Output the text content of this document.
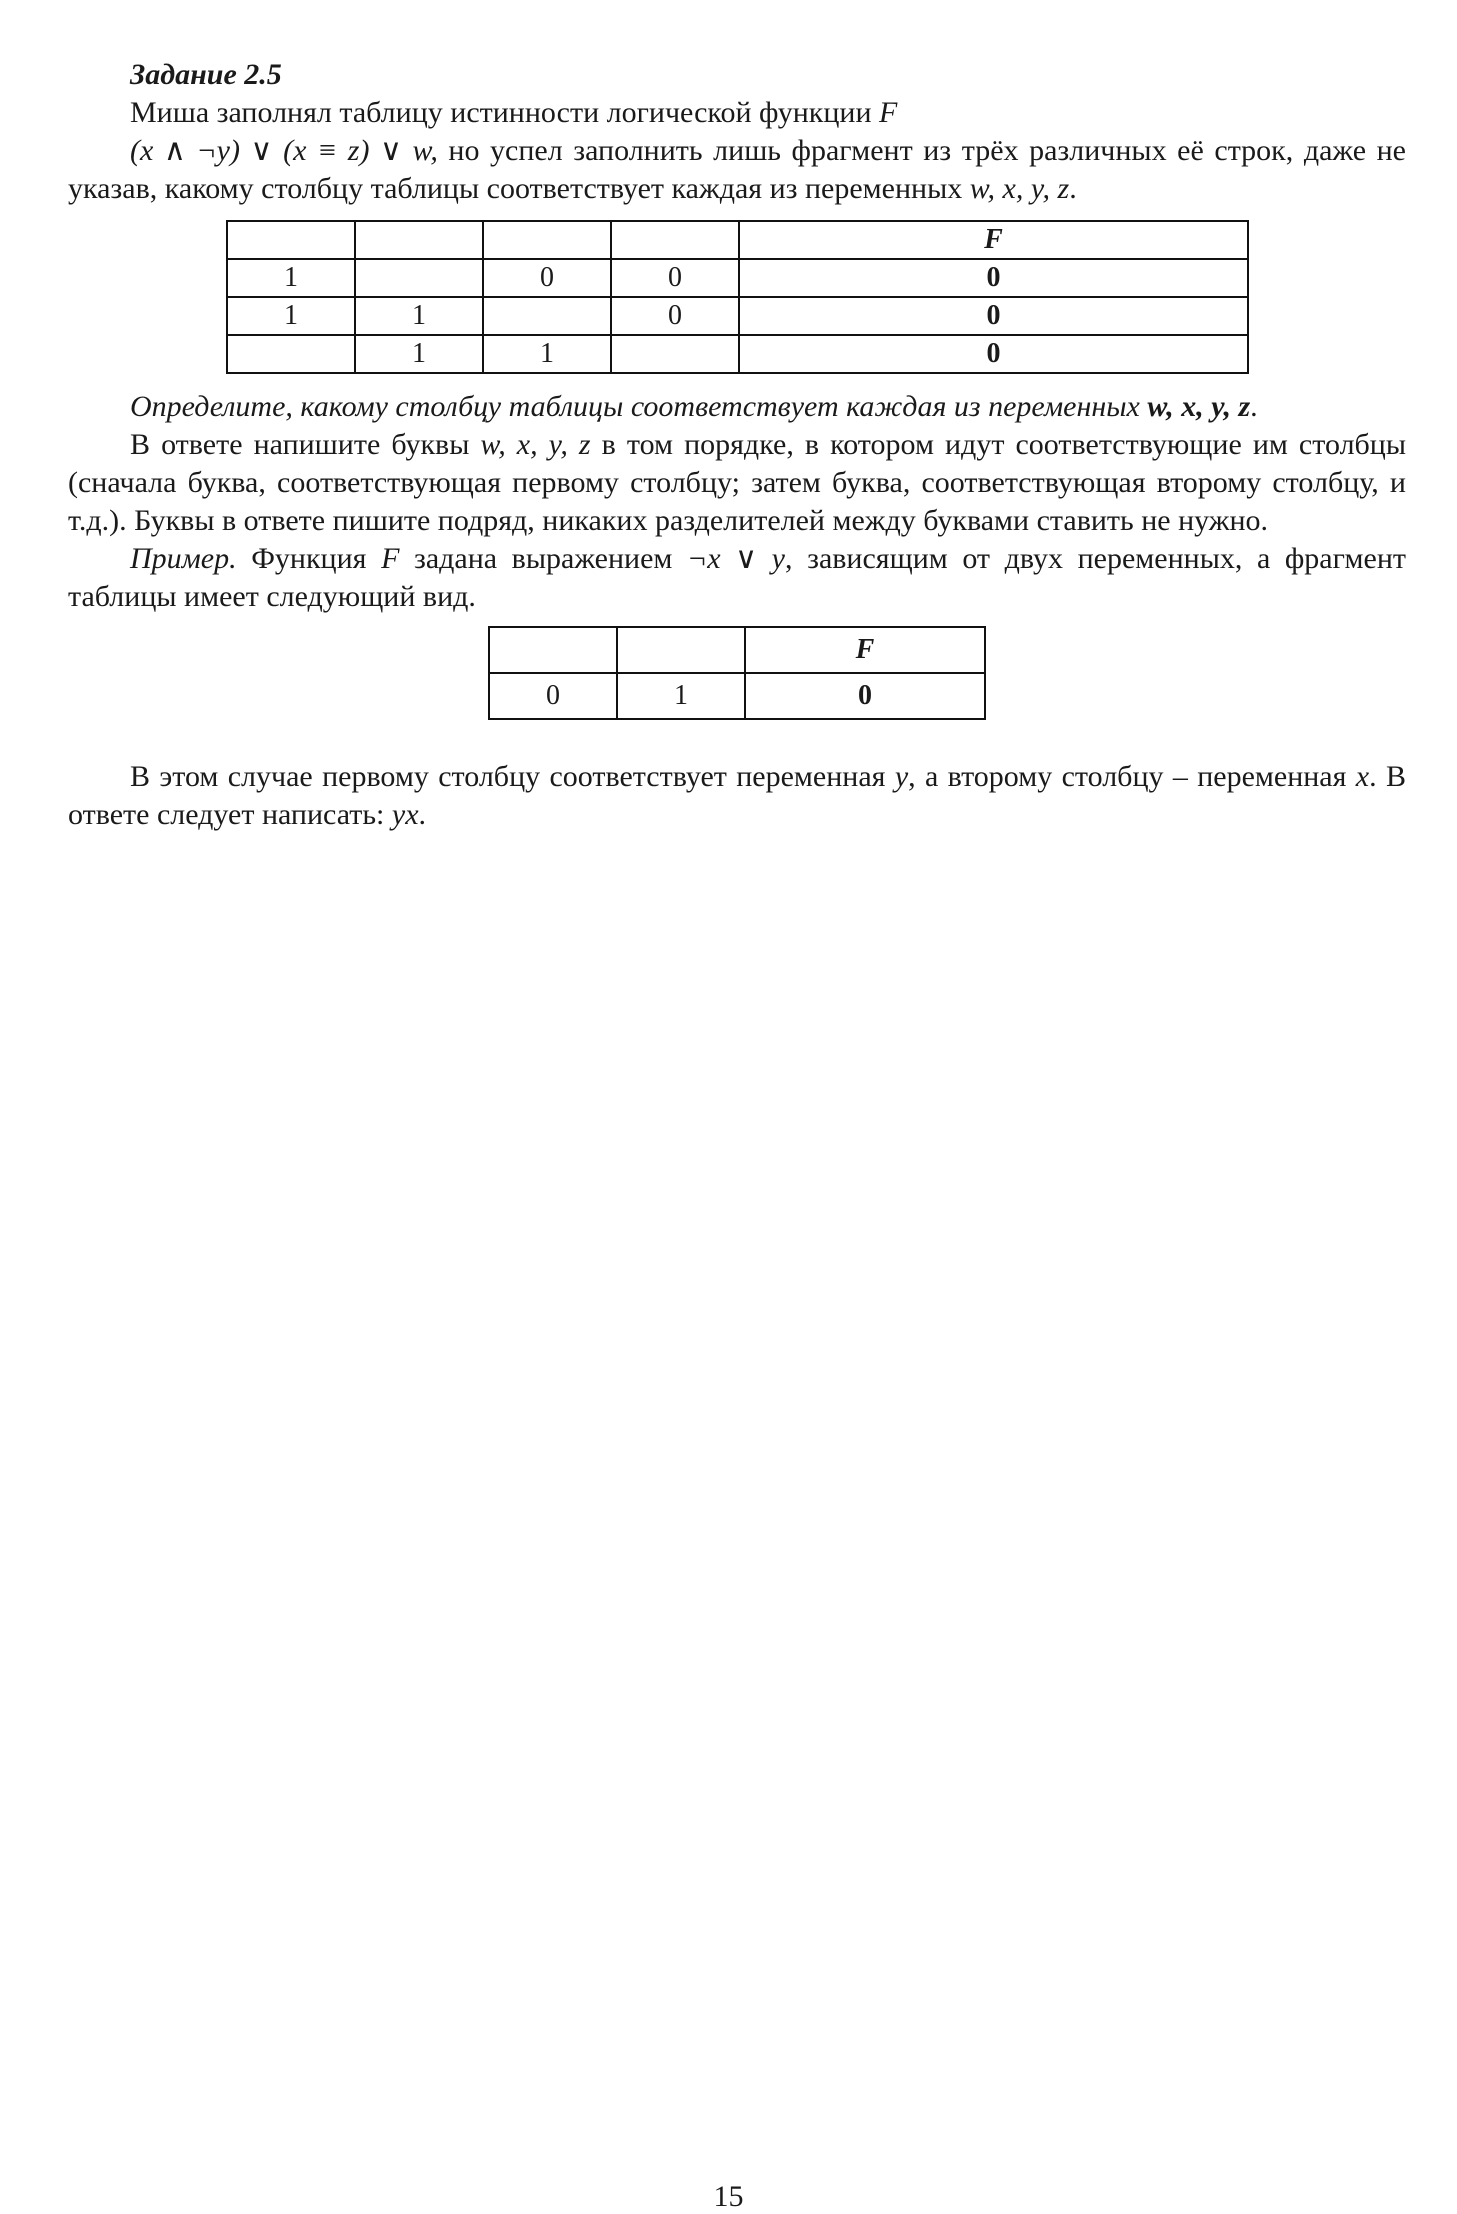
Задание 2.5

Миша заполнял таблицу истинности логической функции F
(x ∧ ¬y) ∨ (x ≡ z) ∨ w, но успел заполнить лишь фрагмент из трёх различных её строк, даже не указав, какому столбцу таблицы соответствует каждая из переменных w, x, y, z.

				F
1		0	0	0
1	1		0	0
	1	1		0

Определите, какому столбцу таблицы соответствует каждая из переменных w, x, y, z.

В ответе напишите буквы w, x, y, z в том порядке, в котором идут соответствующие им столбцы (сначала буква, соответствующая первому столбцу; затем буква, соответствующая второму столбцу, и т.д.). Буквы в ответе пишите подряд, никаких разделителей между буквами ставить не нужно.

Пример. Функция F задана выражением ¬x ∨ y, зависящим от двух переменных, а фрагмент таблицы имеет следующий вид.

		F
0	1	0

В этом случае первому столбцу соответствует переменная y, а второму столбцу – переменная x. В ответе следует написать: yx.

15
